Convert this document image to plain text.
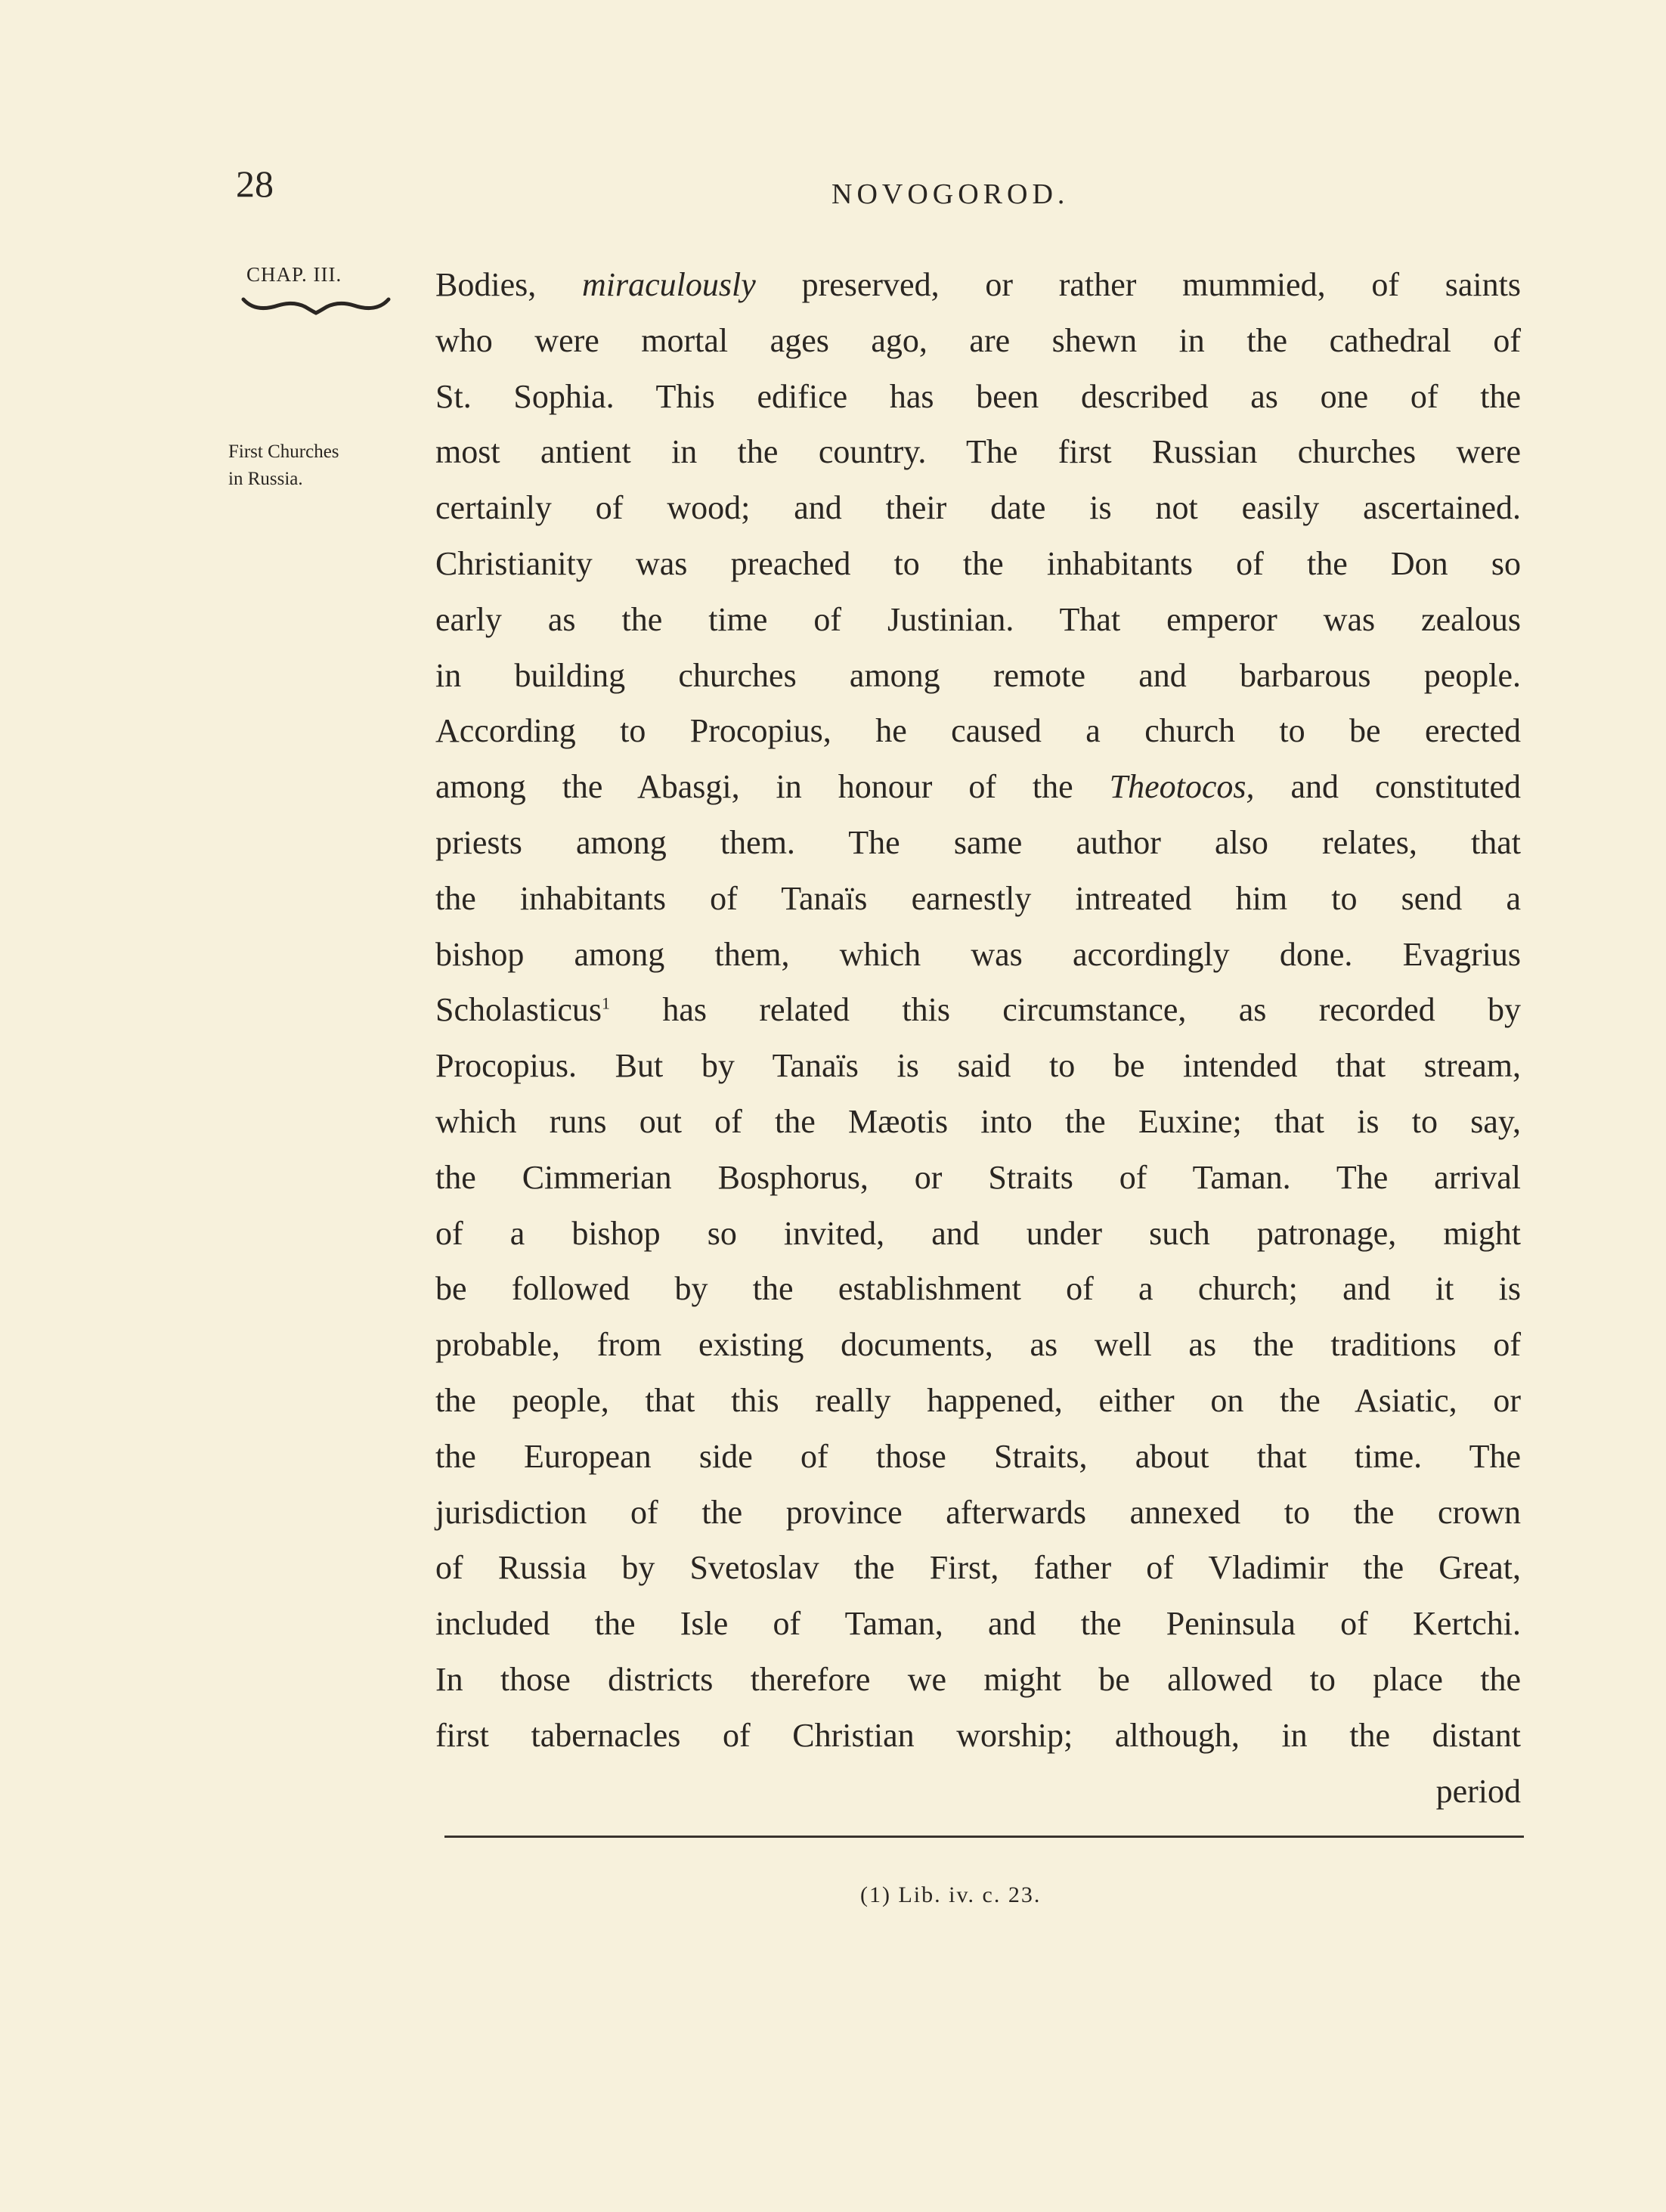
28	NOVOGOROD.
CHAP. III.
First Churches
in Russia.
Bodies, miraculously preserved, or rather mummied, of saints
who were mortal ages ago, are shewn in the cathedral of
St. Sophia. This edifice has been described as one of the
most antient in the country. The first Russian churches were
certainly of wood; and their date is not easily ascertained.
Christianity was preached to the inhabitants of the Don so
early as the time of Justinian. That emperor was zealous
in building churches among remote and barbarous people.
According to Procopius, he caused a church to be erected
among the Abasgi, in honour of the Theotocos, and constituted
priests among them. The same author also relates, that
the inhabitants of Tanaïs earnestly intreated him to send a
bishop among them, which was accordingly done. Evagrius
Scholasticus$^1$ has related this circumstance, as recorded by
Procopius. But by Tanaïs is said to be intended that stream,
which runs out of the Mæotis into the Euxine; that is to say,
the Cimmerian Bosphorus, or Straits of Taman. The arrival
of a bishop so invited, and under such patronage, might
be followed by the establishment of a church; and it is
probable, from existing documents, as well as the traditions of
the people, that this really happened, either on the Asiatic, or
the European side of those Straits, about that time. The
jurisdiction of the province afterwards annexed to the crown
of Russia by Svetoslav the First, father of Vladimir the Great,
included the Isle of Taman, and the Peninsula of Kertchi.
In those districts therefore we might be allowed to place the
first tabernacles of Christian worship; although, in the distant
period
(1) Lib. iv. c. 23.
